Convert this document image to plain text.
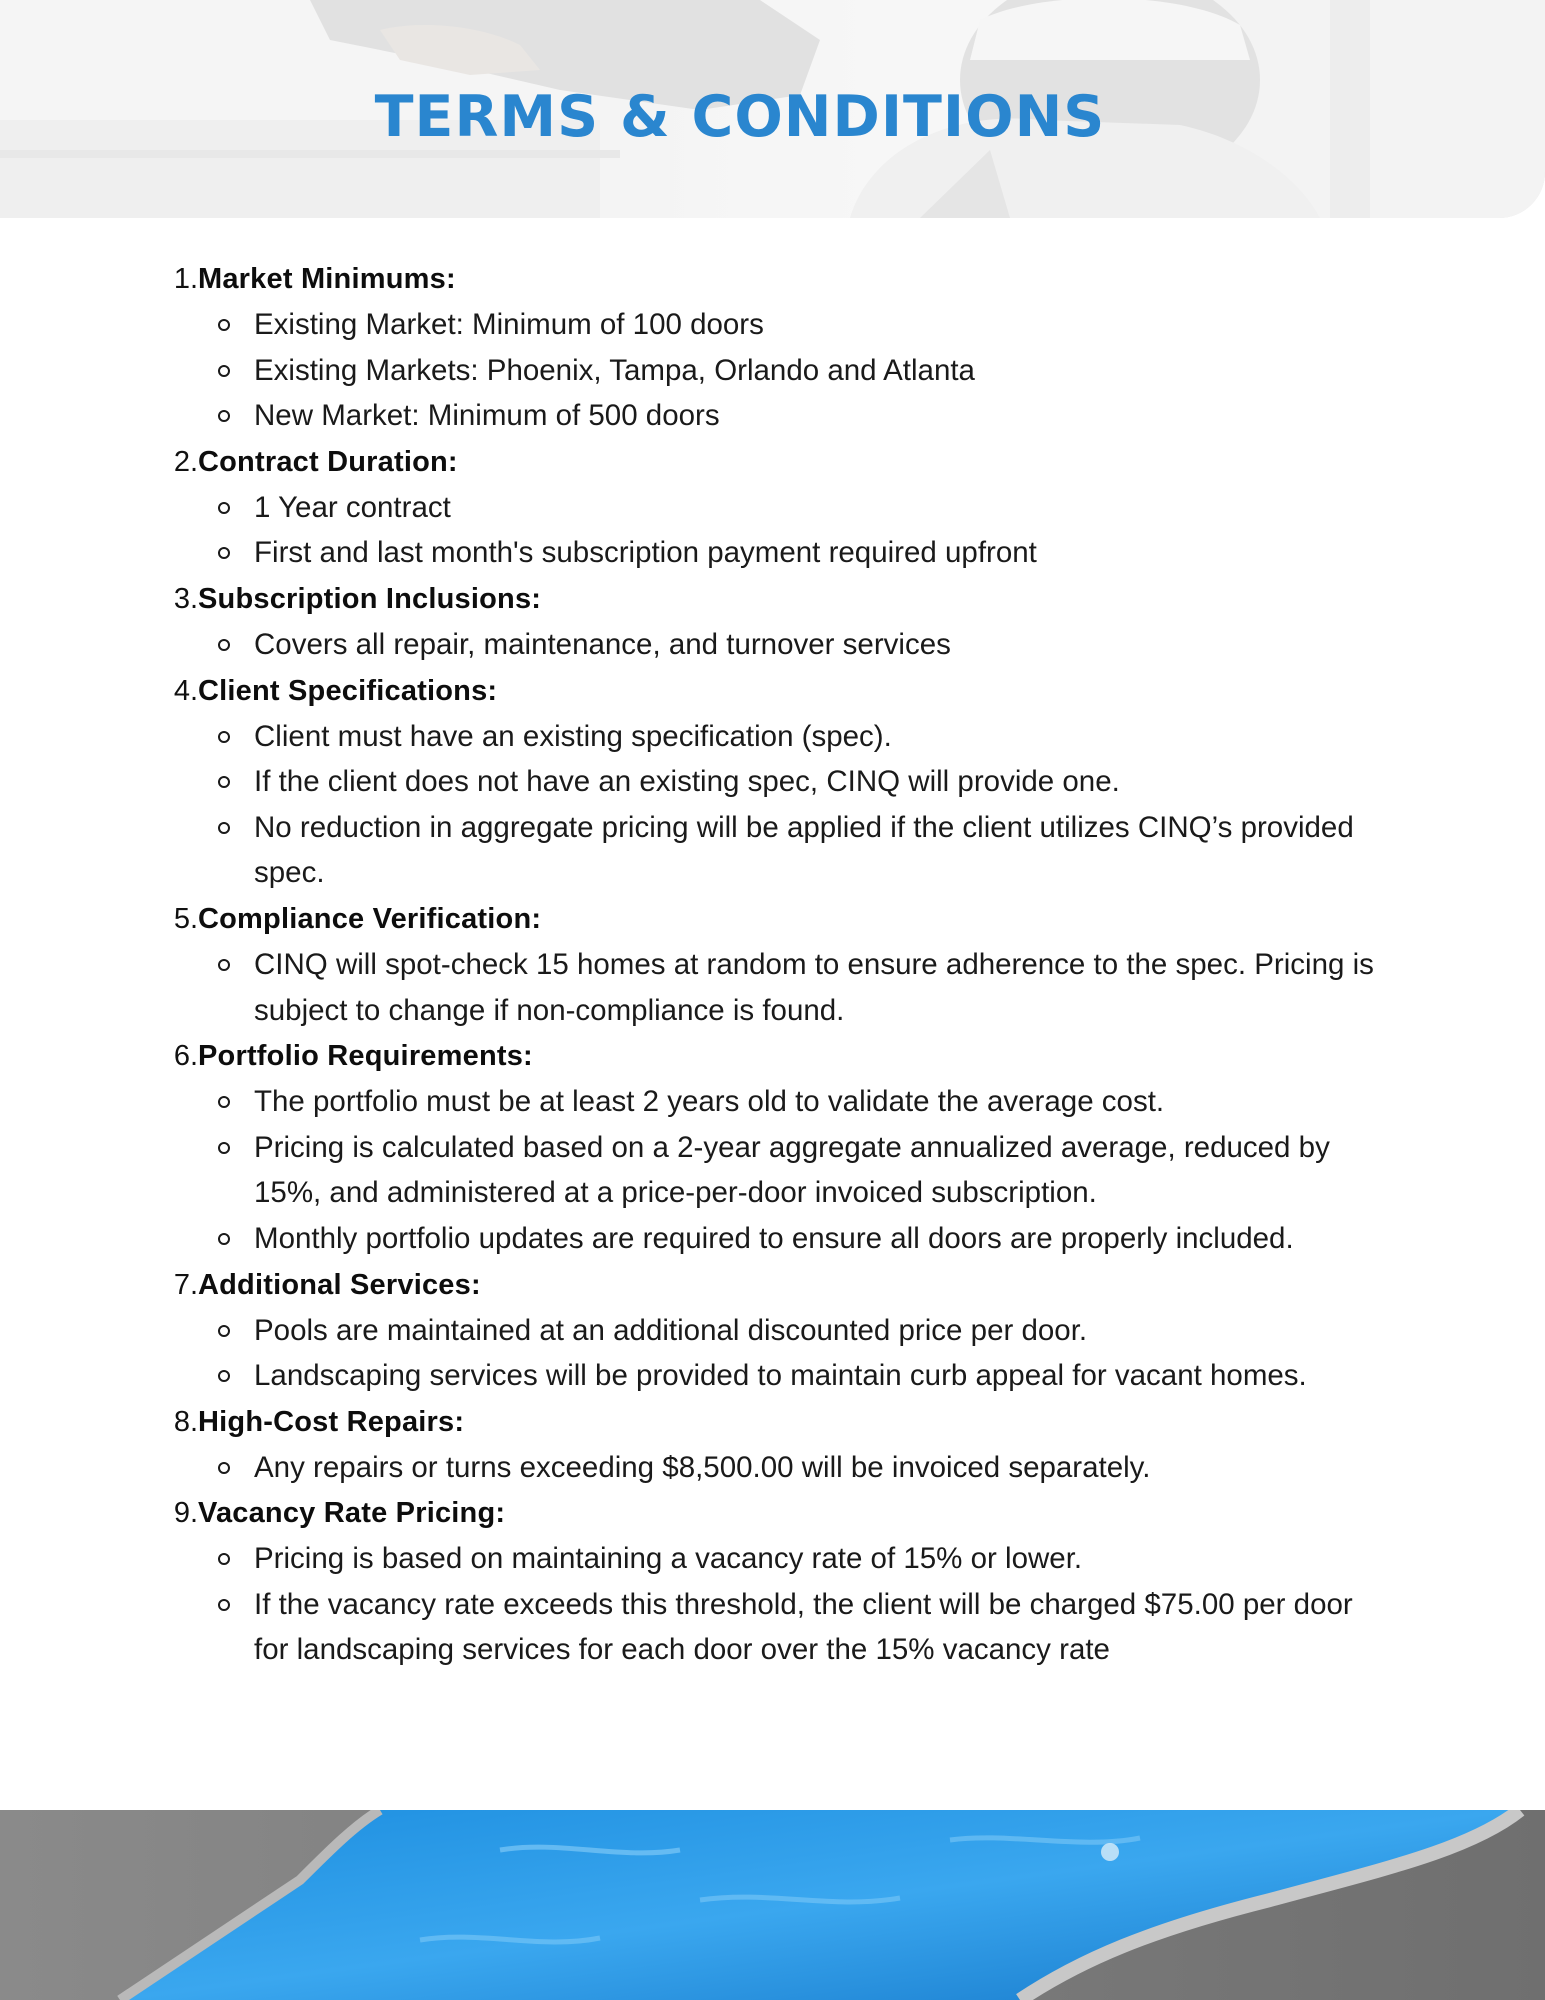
TERMS & CONDITIONS
1. Market Minimums:
Existing Market: Minimum of 100 doors
Existing Markets: Phoenix, Tampa, Orlando and Atlanta
New Market: Minimum of 500 doors
2. Contract Duration:
1 Year contract
First and last month's subscription payment required upfront
3. Subscription Inclusions:
Covers all repair, maintenance, and turnover services
4. Client Specifications:
Client must have an existing specification (spec).
If the client does not have an existing spec, CINQ will provide one.
No reduction in aggregate pricing will be applied if the client utilizes CINQ’s provided spec.
5. Compliance Verification:
CINQ will spot-check 15 homes at random to ensure adherence to the spec. Pricing is subject to change if non-compliance is found.
6. Portfolio Requirements:
The portfolio must be at least 2 years old to validate the average cost.
Pricing is calculated based on a 2-year aggregate annualized average, reduced by 15%, and administered at a price-per-door invoiced subscription.
Monthly portfolio updates are required to ensure all doors are properly included.
7. Additional Services:
Pools are maintained at an additional discounted price per door.
Landscaping services will be provided to maintain curb appeal for vacant homes.
8. High-Cost Repairs:
Any repairs or turns exceeding $8,500.00 will be invoiced separately.
9. Vacancy Rate Pricing:
Pricing is based on maintaining a vacancy rate of 15% or lower.
If the vacancy rate exceeds this threshold, the client will be charged $75.00 per door for landscaping services for each door over the 15% vacancy rate
